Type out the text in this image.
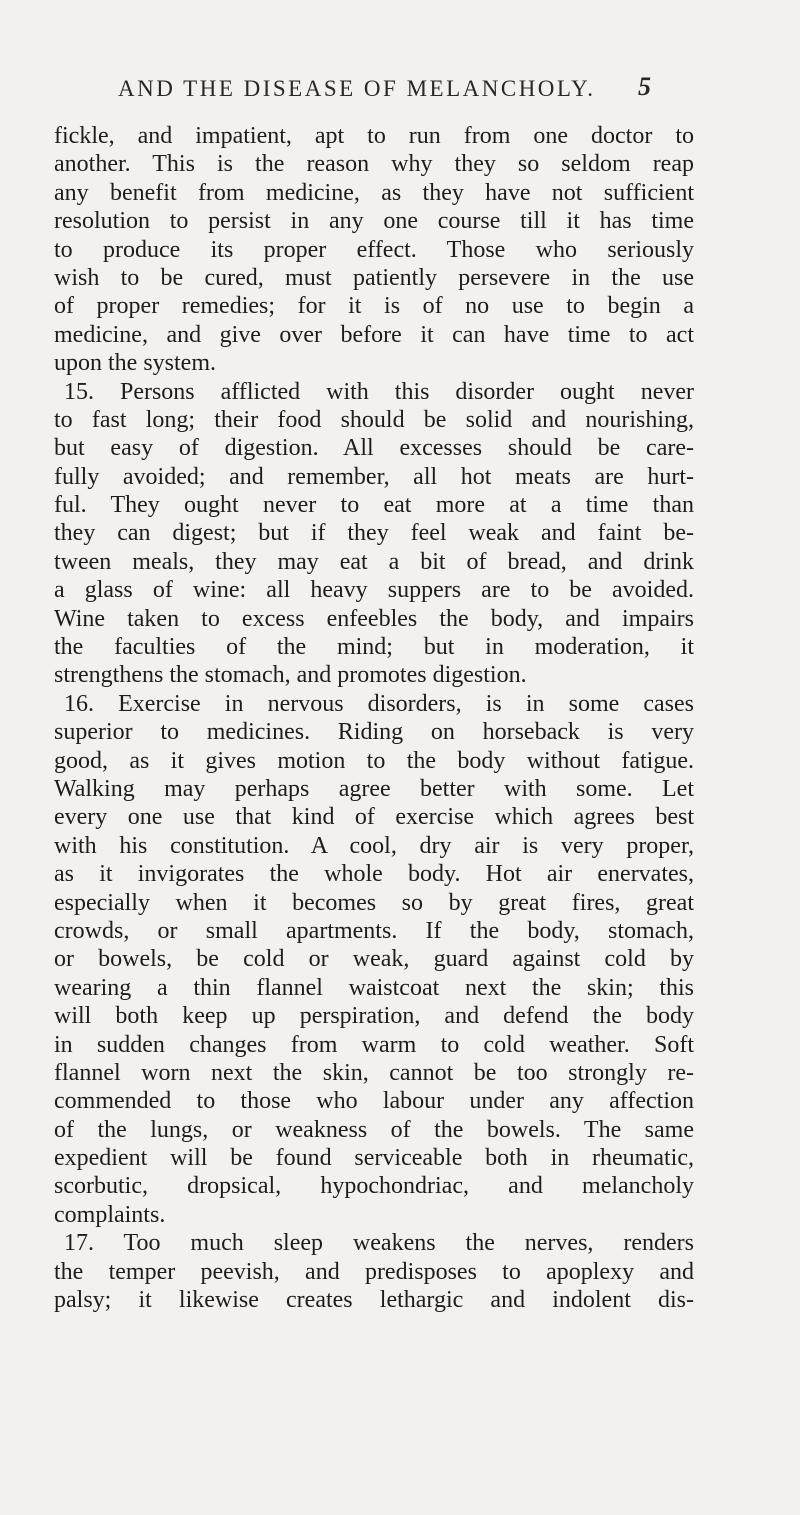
AND THE DISEASE OF MELANCHOLY.	5
fickle, and impatient, apt to run from one doctor to
another. This is the reason why they so seldom reap
any benefit from medicine, as they have not sufficient
resolution to persist in any one course till it has time
to produce its proper effect. Those who seriously
wish to be cured, must patiently persevere in the use
of proper remedies; for it is of no use to begin a
medicine, and give over before it can have time to act
upon the system.
15. Persons afflicted with this disorder ought never
to fast long; their food should be solid and nourishing,
but easy of digestion. All excesses should be care-
fully avoided; and remember, all hot meats are hurt-
ful. They ought never to eat more at a time than
they can digest; but if they feel weak and faint be-
tween meals, they may eat a bit of bread, and drink
a glass of wine: all heavy suppers are to be avoided.
Wine taken to excess enfeebles the body, and impairs
the faculties of the mind; but in moderation, it
strengthens the stomach, and promotes digestion.
16. Exercise in nervous disorders, is in some cases
superior to medicines. Riding on horseback is very
good, as it gives motion to the body without fatigue.
Walking may perhaps agree better with some. Let
every one use that kind of exercise which agrees best
with his constitution. A cool, dry air is very proper,
as it invigorates the whole body. Hot air enervates,
especially when it becomes so by great fires, great
crowds, or small apartments. If the body, stomach,
or bowels, be cold or weak, guard against cold by
wearing a thin flannel waistcoat next the skin; this
will both keep up perspiration, and defend the body
in sudden changes from warm to cold weather. Soft
flannel worn next the skin, cannot be too strongly re-
commended to those who labour under any affection
of the lungs, or weakness of the bowels. The same
expedient will be found serviceable both in rheumatic,
scorbutic, dropsical, hypochondriac, and melancholy
complaints.
17. Too much sleep weakens the nerves, renders
the temper peevish, and predisposes to apoplexy and
palsy; it likewise creates lethargic and indolent dis-
